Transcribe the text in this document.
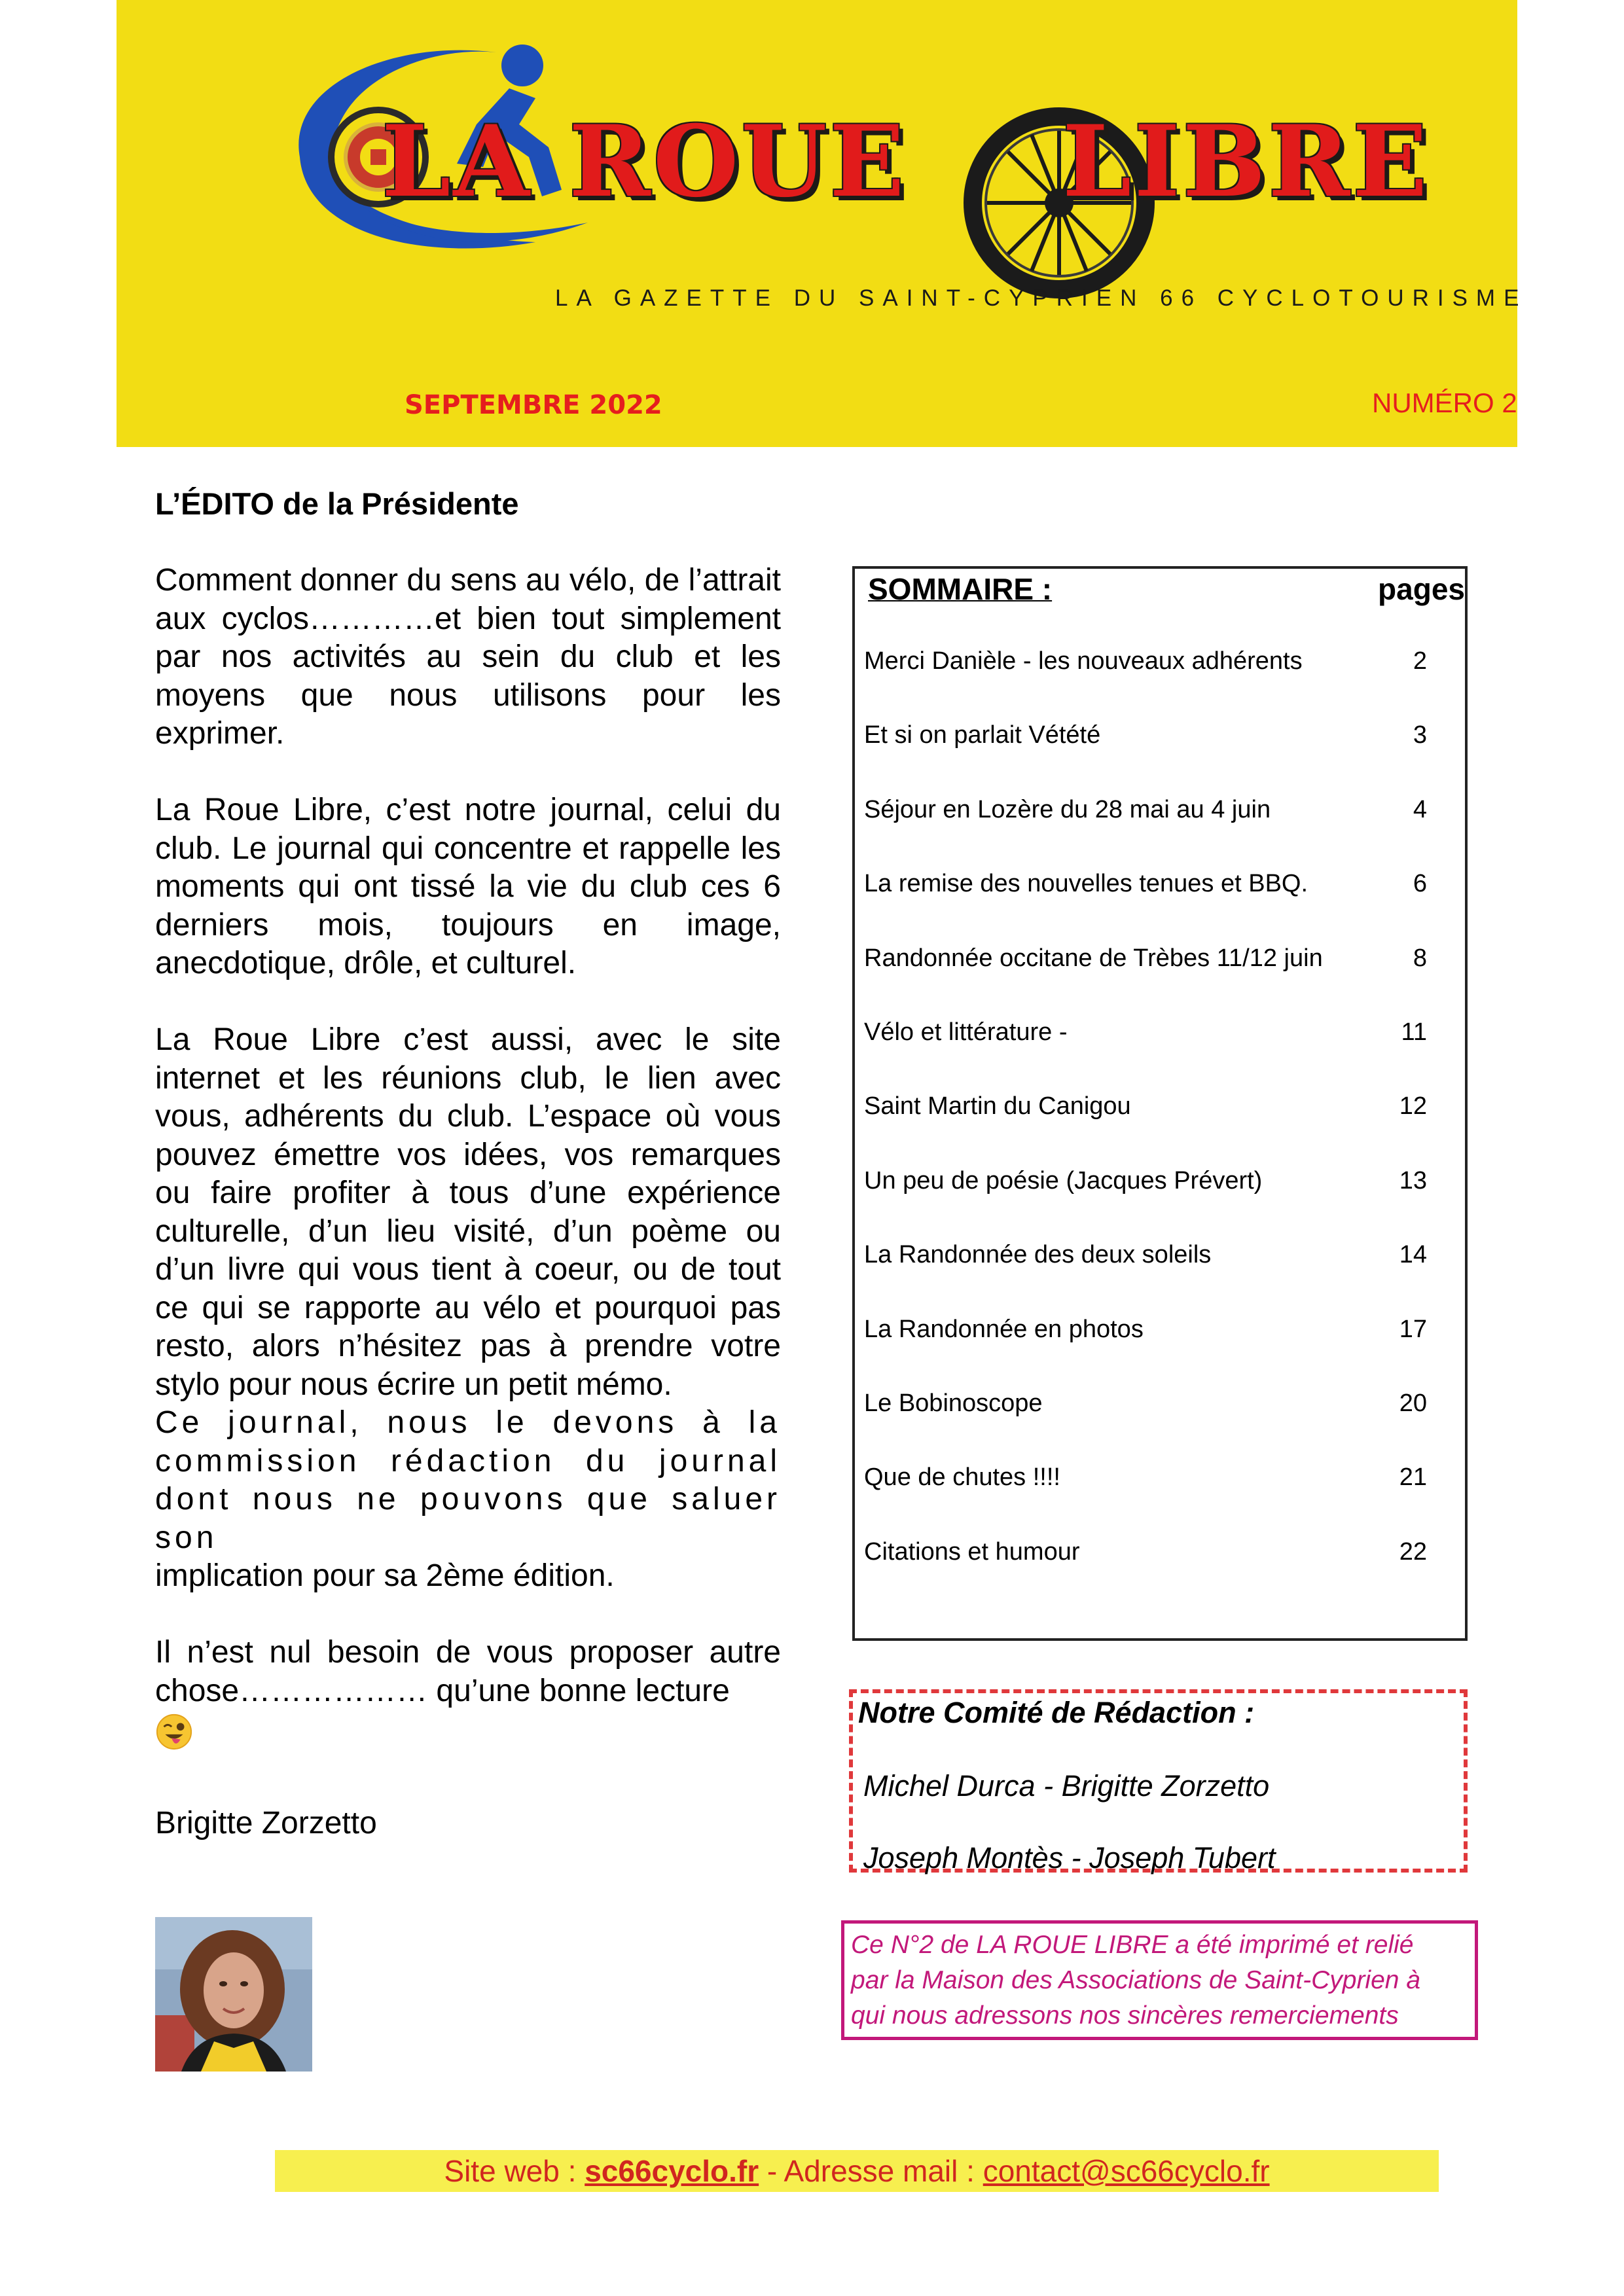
LA ROUE LIBRE
LA GAZETTE DU SAINT-CYPRIEN 66 CYCLOTOURISME
SEPTEMBRE 2022	NUMÉRO 2
L’ÉDITO de la Présidente

Comment donner du sens au vélo, de l’attrait aux cyclos…………et bien tout simplement par nos activités au sein du club et les moyens que nous utilisons pour les exprimer.

La Roue Libre, c’est notre journal, celui du club. Le journal qui concentre et rappelle les moments qui ont tissé la vie du club ces 6 derniers mois, toujours en image, anecdotique, drôle, et culturel.

La Roue Libre c’est aussi, avec le site internet et les réunions club, le lien avec vous, adhérents du club. L’espace où vous pouvez émettre vos idées, vos remarques ou faire profiter à tous d’une expérience culturelle, d’un lieu visité, d’un poème ou d’un livre qui vous tient à coeur, ou de tout ce qui se rapporte au vélo et pourquoi pas resto, alors n’hésitez pas à prendre votre stylo pour nous écrire un petit mémo.

Ce journal, nous le devons à la commission rédaction du journal dont nous ne pouvons que saluer son

implication pour sa 2ème édition.

Il n’est nul besoin de vous proposer autre chose……………… qu’une bonne lecture

Brigitte Zorzetto
SOMMAIRE :	pages
Merci Danièle - les nouveaux adhérents	2
Et si on parlait Vétété	3
Séjour en Lozère du 28 mai au 4 juin	4
La remise des nouvelles tenues et BBQ.	6
Randonnée occitane de Trèbes 11/12 juin	8
Vélo et littérature -	11
Saint Martin du Canigou	12
Un peu de poésie (Jacques Prévert)	13
La Randonnée des deux soleils	14
La Randonnée en photos	17
Le Bobinoscope	20
Que de chutes !!!!	21
Citations et humour	22
Notre Comité de Rédaction :
Michel Durca - Brigitte Zorzetto
Joseph Montès - Joseph Tubert

Ce N°2 de LA ROUE LIBRE a été imprimé et relié

par la Maison des Associations de Saint-Cyprien à

qui nous adressons nos sincères remerciements

Site web : sc66cyclo.fr - Adresse mail : contact@sc66cyclo.fr
